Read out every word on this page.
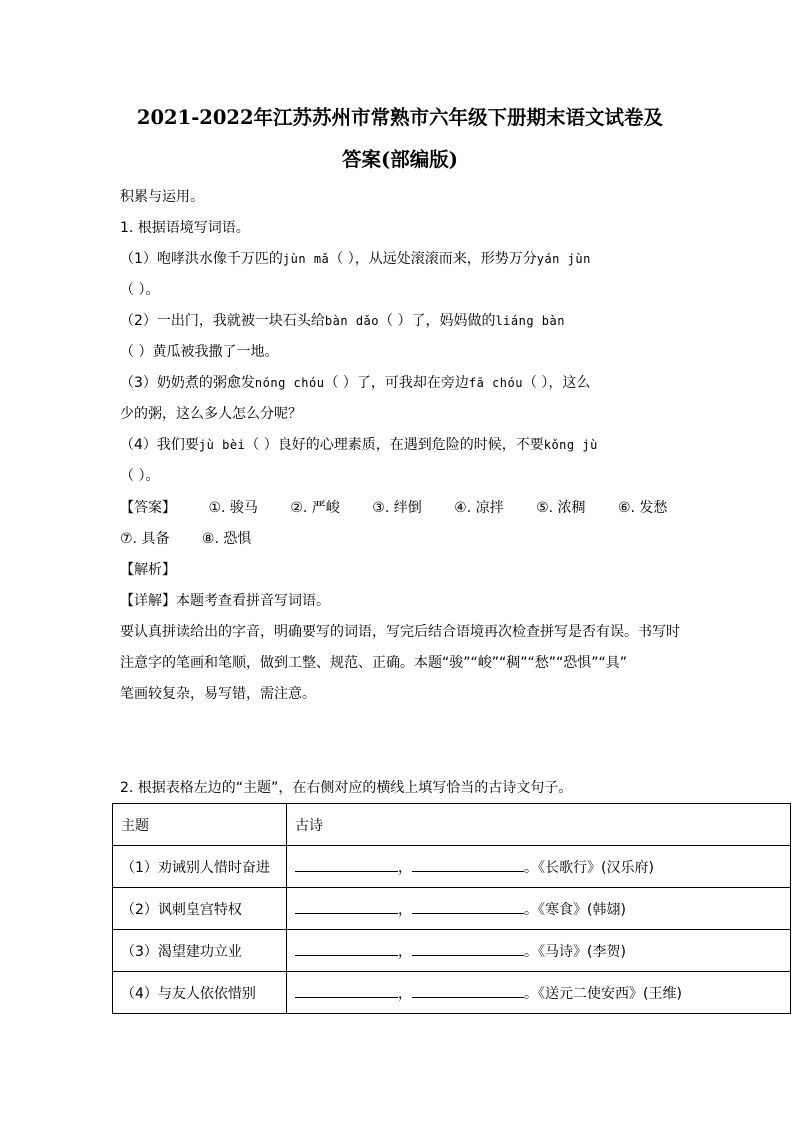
2021-2022年江苏苏州市常熟市六年级下册期末语文试卷及
答案(部编版)
积累与运用。
1. 根据语境写词语。
（1）咆哮洪水像千万匹的jùn mǎ（ ），从远处滚滚而来，形势万分yán jùn
（ ）。
（2）一出门，我就被一块石头给bàn dǎo（ ）了，妈妈做的liáng bàn
（ ）黄瓜被我撒了一地。
（3）奶奶煮的粥愈发nóng chóu（ ）了，可我却在旁边fā chóu（ ），这么
少的粥，这么多人怎么分呢？
（4）我们要jù bèi（ ）良好的心理素质，在遇到危险的时候，不要kǒng jù
（ ）。
【答案】 ①. 骏马 ②. 严峻 ③. 绊倒 ④. 凉拌 ⑤. 浓稠 ⑥. 发愁
⑦. 具备 ⑧. 恐惧
【解析】
【详解】本题考查看拼音写词语。
要认真拼读给出的字音，明确要写的词语，写完后结合语境再次检查拼写是否有误。书写时
注意字的笔画和笔顺，做到工整、规范、正确。本题“骏”“峻”“稠”“愁”“恐惧”“具”
笔画较复杂，易写错，需注意。
2. 根据表格左边的“主题”，在右侧对应的横线上填写恰当的古诗文句子。
主题	古诗
（1）劝诫别人惜时奋进	， 。《长歌行》(汉乐府)
（2）讽刺皇宫特权	， 。《寒食》(韩翃)
（3）渴望建功立业	， 。《马诗》(李贺)
（4）与友人依依惜别	， 。《送元二使安西》(王维)
